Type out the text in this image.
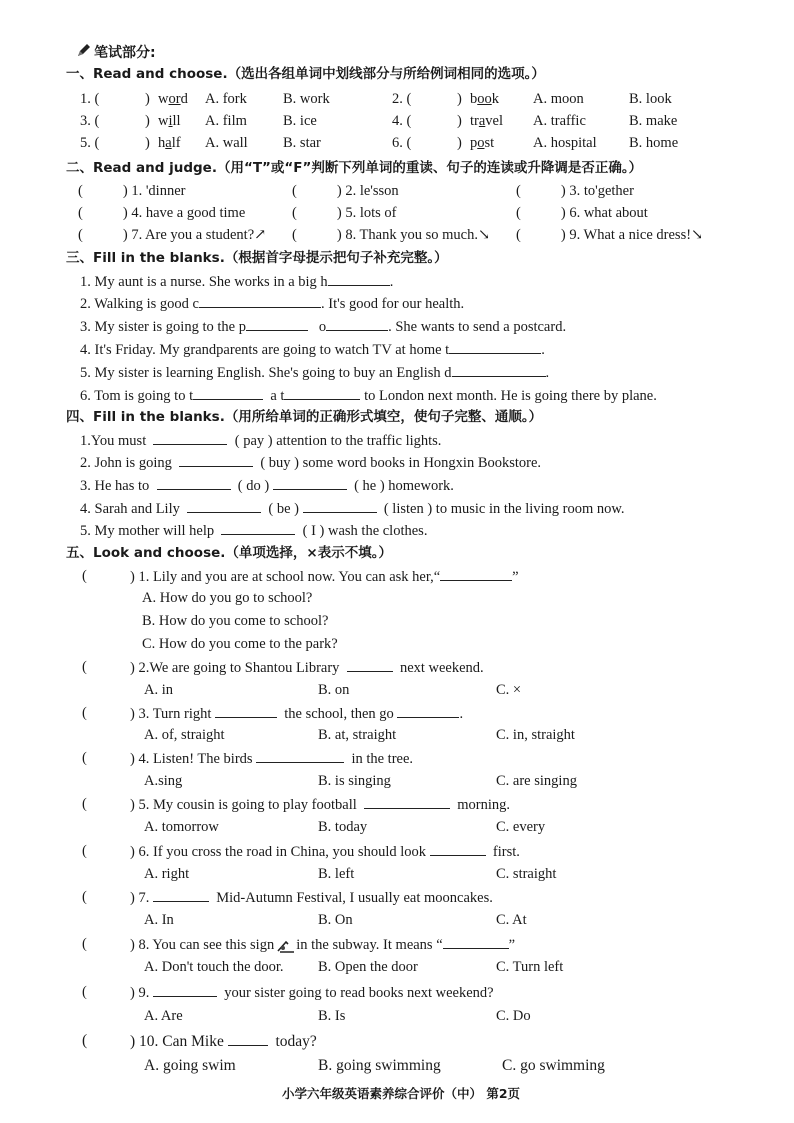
笔试部分:
一、Read and choose.（选出各组单词中划线部分与所给例词相同的选项。）
1. (	) word A. fork B. work	2. (	) book A. moon	B. look
3. (	) will A. film B. ice	4. (	) travel A. traffic	B. make
5. (	) half A. wall B. star	6. (	) post	A. hospital B. home
二、Read and judge.（用“T”或“F”判断下列单词的重读、句子的连读或升降调是否正确。）
(	) 1. 'dinner	(	) 2. le'sson	(	) 3. to'gether
(	) 4. have a good time	(	) 5. lots of	(	) 6. what about
(	) 7. Are you a student?↗ (	) 8. Thank you so much.↘ (	) 9. What a nice dress!↘
三、Fill in the blanks.（根据首字母提示把句子补充完整。）
1. My aunt is a nurse. She works in a big h	.
2. Walking is good c	. It's good for our health.
3. My sister is going to the p	o	. She wants to send a postcard.
4. It's Friday. My grandparents are going to watch TV at home t	.
5. My sister is learning English. She's going to buy an English d	.
6. Tom is going to t	a t	to London next month. He is going there by plane.
四、Fill in the blanks.（用所给单词的正确形式填空，使句子完整、通顺。）
1.You must	( pay ) attention to the traffic lights.
2. John is going	( buy ) some word books in Hongxin Bookstore.
3. He has to	( do )	( he ) homework.
4. Sarah and Lily	( be )	( listen ) to music in the living room now.
5. My mother will help	( I ) wash the clothes.
五、Look and choose.（单项选择，×表示不填。）
(	) 1. Lily and you are at school now. You can ask her,“	”
A. How do you go to school?
B. How do you come to school?
C. How do you come to the park?
(	) 2.We are going to Shantou Library	next weekend.
A. in	B. on	C. ×
(	) 3. Turn right	the school, then go	.
A. of, straight	B. at, straight	C. in, straight
(	) 4. Listen! The birds	in the tree.
A.sing	B. is singing	C. are singing
(	) 5. My cousin is going to play football	morning.
A. tomorrow	B. today	C. every
(	) 6. If you cross the road in China, you should look	first.
A. right	B. left	C. straight
(	) 7.	Mid-Autumn Festival, I usually eat mooncakes.
A. In	B. On	C. At
(	) 8. You can see this sign in the subway. It means “	”
A. Don't touch the door. B. Open the door	C. Turn left
(	) 9.	your sister going to read books next weekend?
A. Are	B. Is	C. Do
(	) 10. Can Mike	today?
A. going swim	B. going swimming	C. go swimming
小学六年级英语素养综合评价（中） 第2页
